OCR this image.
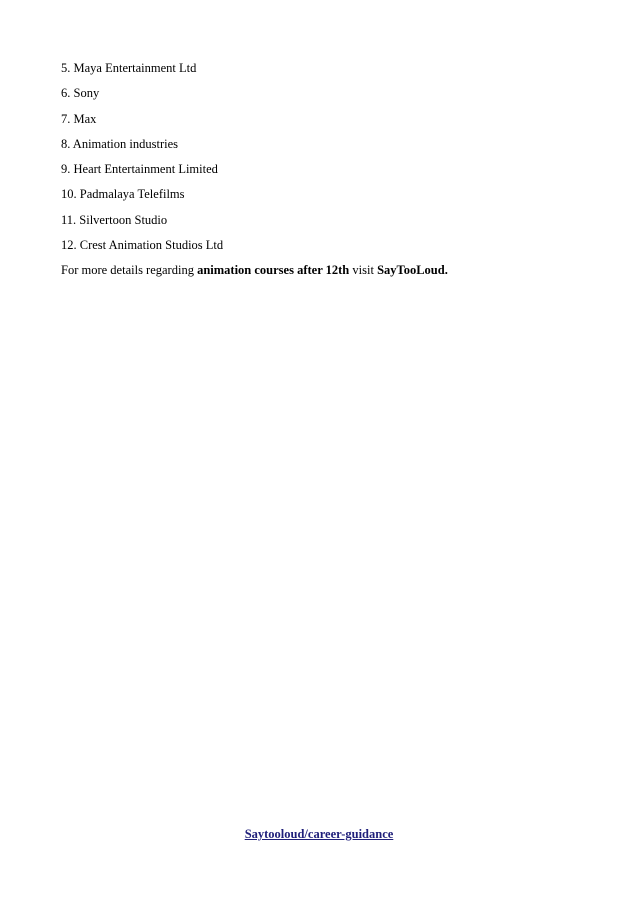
5. Maya Entertainment Ltd
6. Sony
7. Max
8. Animation industries
9. Heart Entertainment Limited
10. Padmalaya Telefilms
11. Silvertoon Studio
12. Crest Animation Studios Ltd

For more details regarding animation courses after 12th visit SayTooLoud.

Saytooloud/career-guidance
